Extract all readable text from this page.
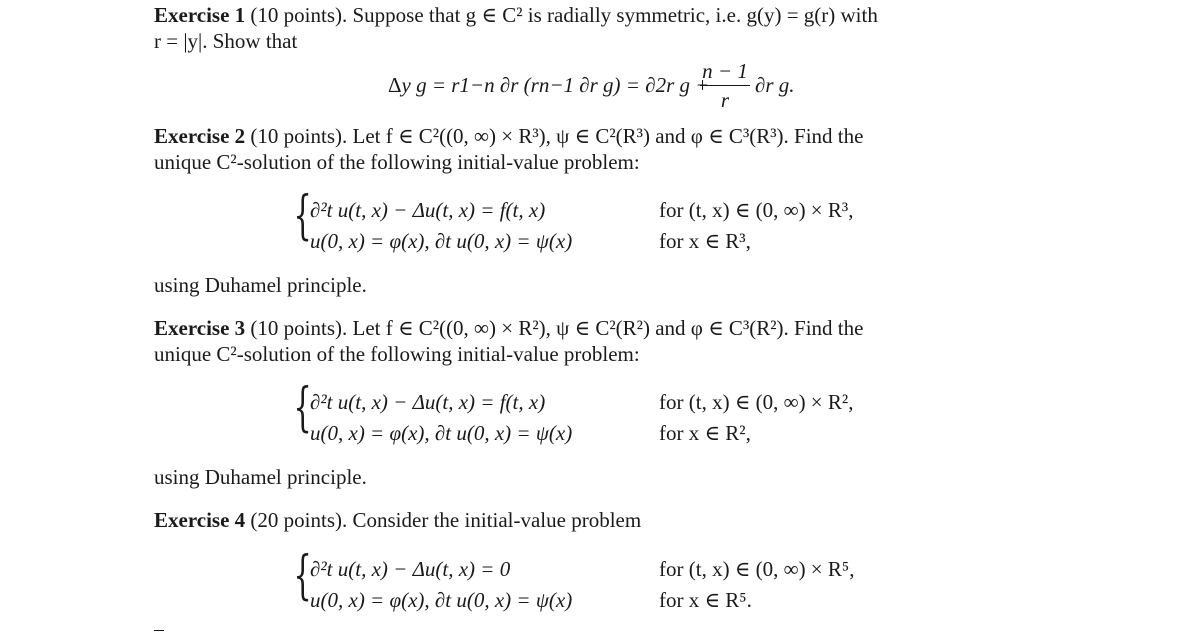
Exercise 1 (10 points). Suppose that g ∈ C² is radially symmetric, i.e. g(y) = g(r) with
r = |y|. Show that
Δy g = r1−n ∂r (rn−1 ∂r g) = ∂2r g +
n − 1
r
∂r g.
Exercise 2 (10 points). Let f ∈ C²((0, ∞) × R³), ψ ∈ C²(R³) and φ ∈ C³(R³). Find the
unique C²-solution of the following initial-value problem:
{
∂²t u(t, x) − Δu(t, x) = f(t, x)	for (t, x) ∈ (0, ∞) × R³,
u(0, x) = φ(x), ∂t u(0, x) = ψ(x)	for x ∈ R³,
using Duhamel principle.
Exercise 3 (10 points). Let f ∈ C²((0, ∞) × R²), ψ ∈ C²(R²) and φ ∈ C³(R²). Find the
unique C²-solution of the following initial-value problem:
{
∂²t u(t, x) − Δu(t, x) = f(t, x)	for (t, x) ∈ (0, ∞) × R²,
u(0, x) = φ(x), ∂t u(0, x) = ψ(x)	for x ∈ R²,
using Duhamel principle.
Exercise 4 (20 points). Consider the initial-value problem
{
∂²t u(t, x) − Δu(t, x) = 0	for (t, x) ∈ (0, ∞) × R⁵,
u(0, x) = φ(x), ∂t u(0, x) = ψ(x)	for x ∈ R⁵.
